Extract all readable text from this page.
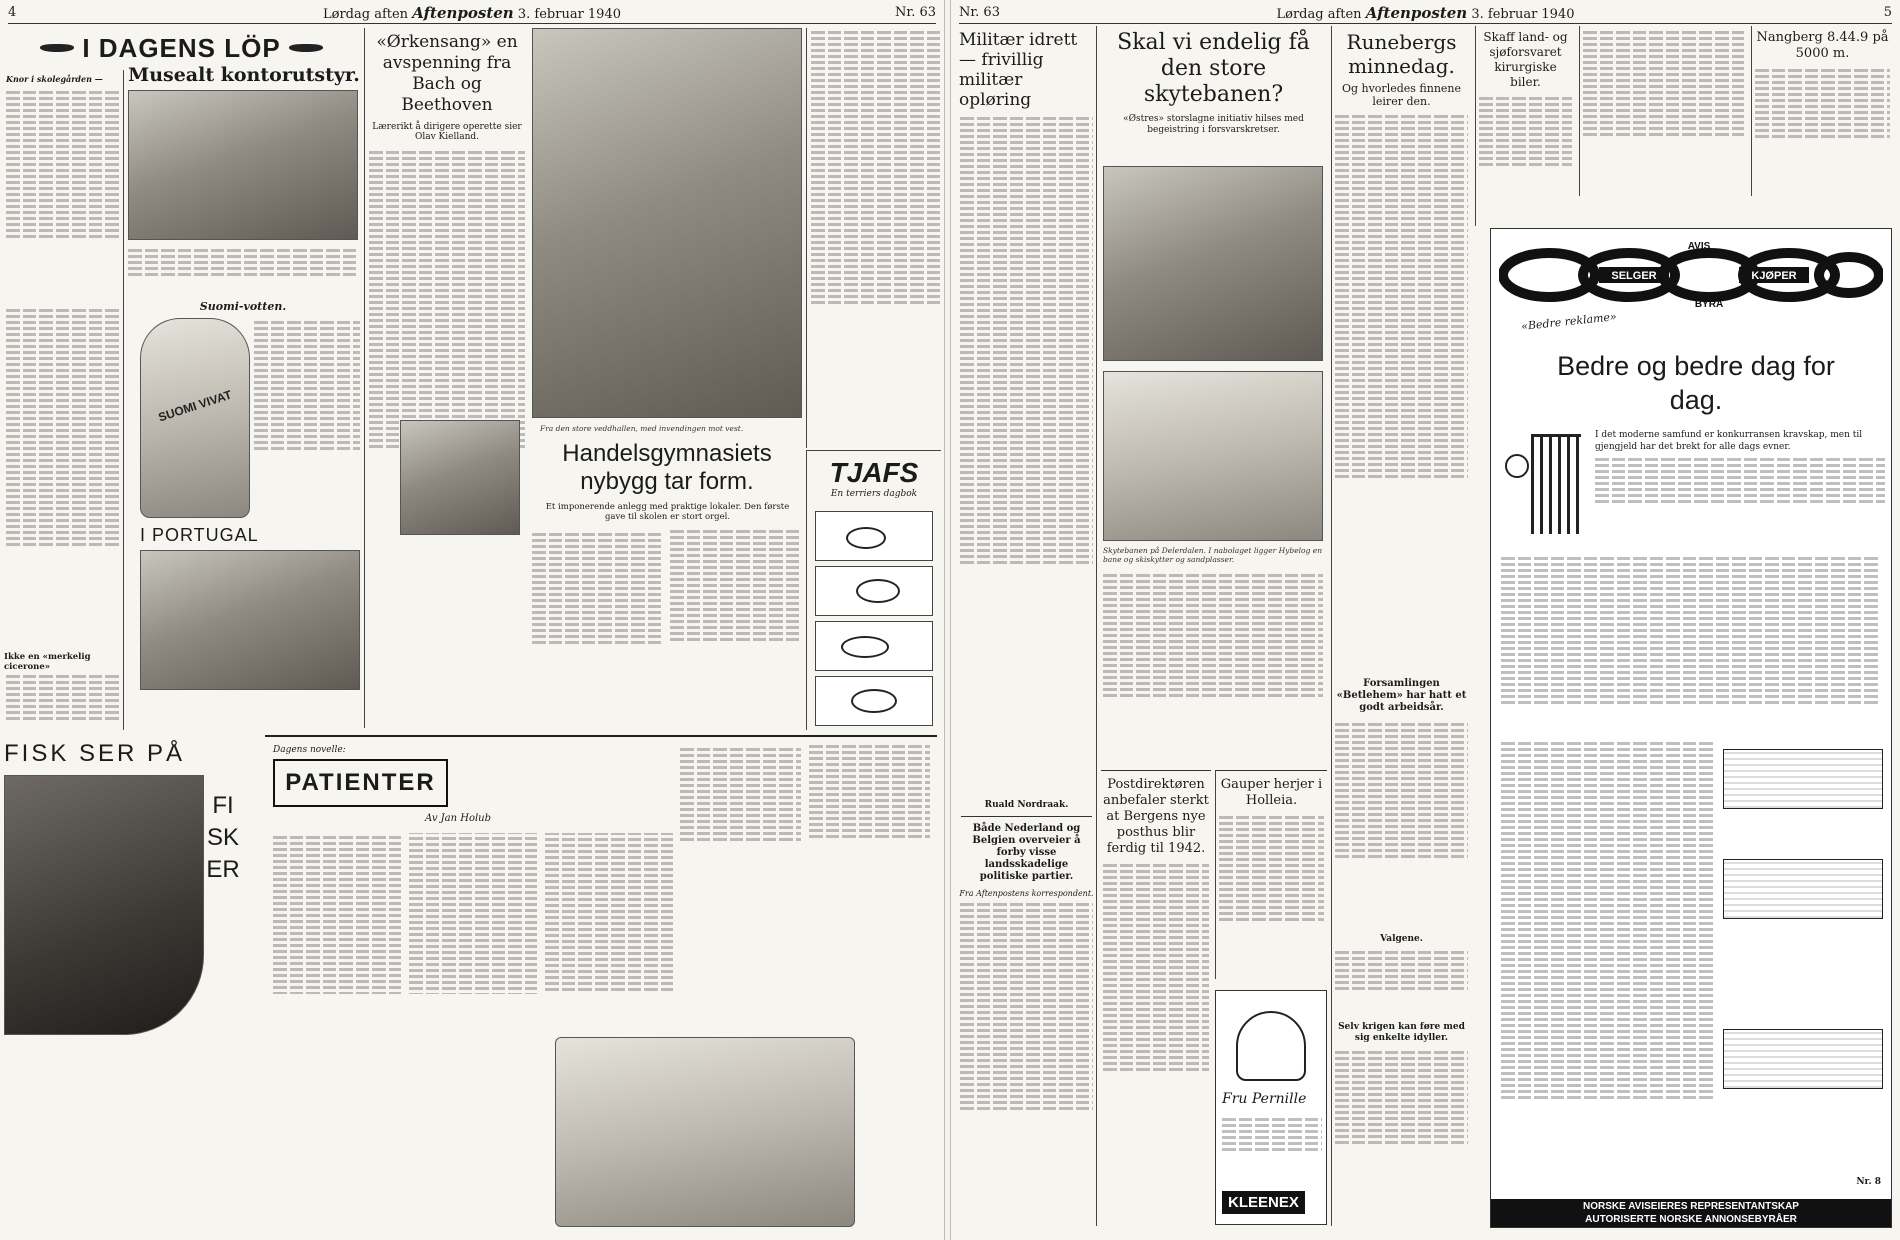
4	Lørdag aften Aftenposten 3. februar 1940	Nr. 63
I DAGENS LÖP
Knor i skolegården —
Ikke en «merkelig cicerone»
Suomi-votten.
SUOMI VIVAT
I PORTUGAL
FISK SER PÅ
FISKER
Musealt kontorutstyr.
«Ørkensang» en avspenning fra Bach og Beethoven
Lærerikt å dirigere operette sier Olav Kielland.
Fra den store veddhallen, med invendingen mot vest.
Handelsgymnasiets nybygg tar form.
Et imponerende anlegg med praktige lokaler. Den første gave til skolen er stort orgel.
TJAFS
En terriers dagbok
Dagens novelle:
PATIENTER
Av Jan Holub
Nr. 63	Lørdag aften Aftenposten 3. februar 1940	5
Militær idrett — frivillig militær opløring
Ruald Nordraak.
Både Nederland og Belgien overveier å forby visse landsskadelige politiske partier.
Fra Aftenpostens korrespondent.
Skal vi endelig få den store skytebanen?
«Østres» storslagne initiativ hilses med begeistring i forsvarskretser.
Skytebanen på Delerdalen. I nabolaget ligger Hybelog en bane og skiskytter og sandplasser.
Postdirektøren anbefaler sterkt at Bergens nye posthus blir ferdig til 1942.
Gauper herjer i Holleia.
Fru Pernille
KLEENEX
Runebergs minnedag.
Og hvorledes finnene leirer den.
Forsamlingen «Betlehem» har hatt et godt arbeidsår.
Valgene.
Selv krigen kan føre med sig enkelte idyller.
Skaff land- og sjøforsvaret kirurgiske biler.
Nangberg 8.44.9 på 5000 m.
SELGER	KJØPER
AVIS
BYRÅ
«Bedre reklame»
Bedre og bedre dag for dag.
I det moderne samfund er konkurransen kravskap, men til gjengjeld har det brekt for alle dags evner.
Nr. 8
NORSKE AVISEIERES REPRESENTANTSKAP
AUTORISERTE NORSKE ANNONSEBYRÅER
